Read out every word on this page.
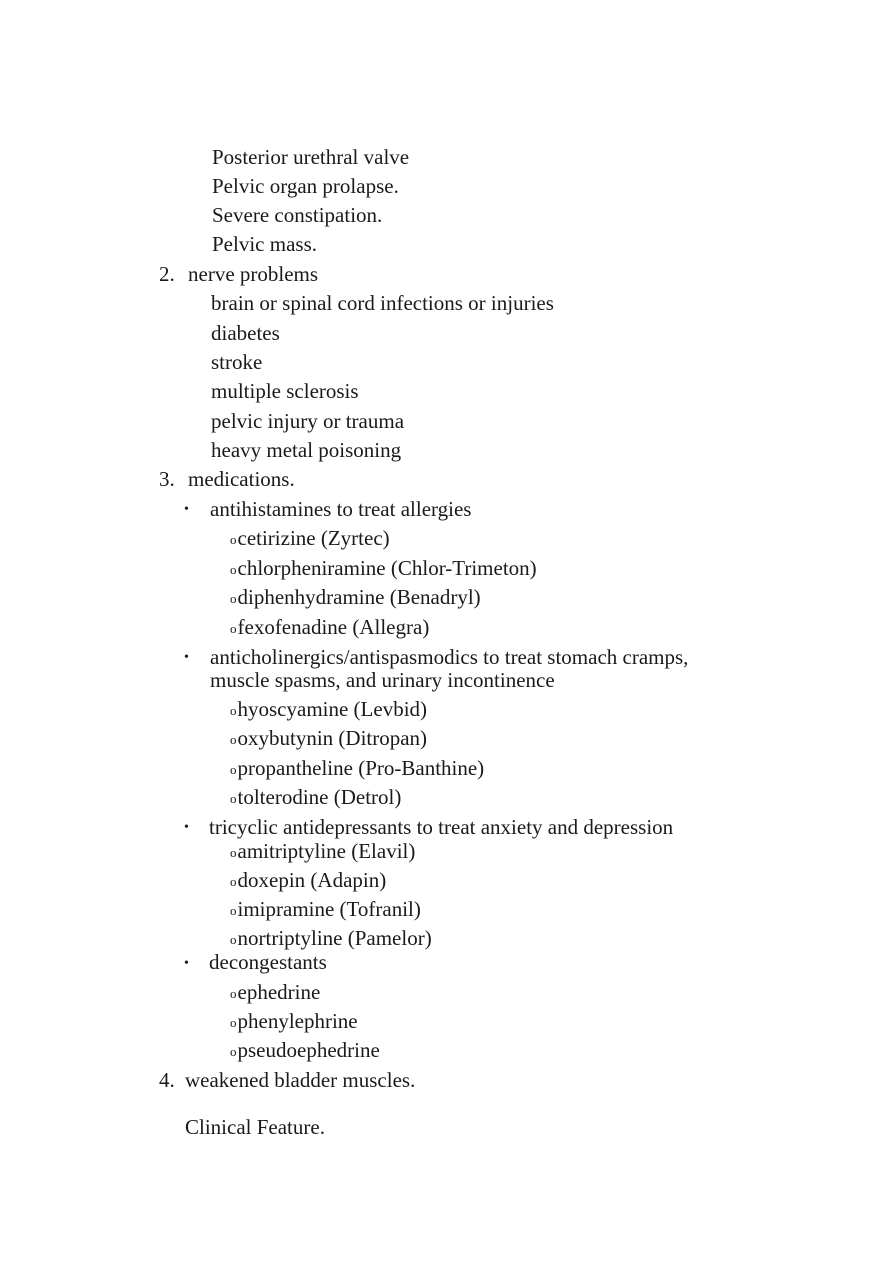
Posterior urethral valve
Pelvic organ prolapse.
Severe constipation.
Pelvic mass.
2. nerve problems
brain or spinal cord infections or injuries
diabetes
stroke
multiple sclerosis
pelvic injury or trauma
heavy metal poisoning
3. medications.
• antihistamines to treat allergies
ocetirizine (Zyrtec)
ochlorpheniramine (Chlor-Trimeton)
odiphenhydramine (Benadryl)
ofexofenadine (Allegra)
• anticholinergics/antispasmodics to treat stomach cramps,
muscle spasms, and urinary incontinence
ohyoscyamine (Levbid)
ooxybutynin (Ditropan)
opropantheline (Pro-Banthine)
otolterodine (Detrol)
• tricyclic antidepressants to treat anxiety and depression
oamitriptyline (Elavil)
odoxepin (Adapin)
oimipramine (Tofranil)
onortriptyline (Pamelor)
• decongestants
oephedrine
ophenylephrine
opseudoephedrine
4. weakened bladder muscles.
Clinical Feature.
